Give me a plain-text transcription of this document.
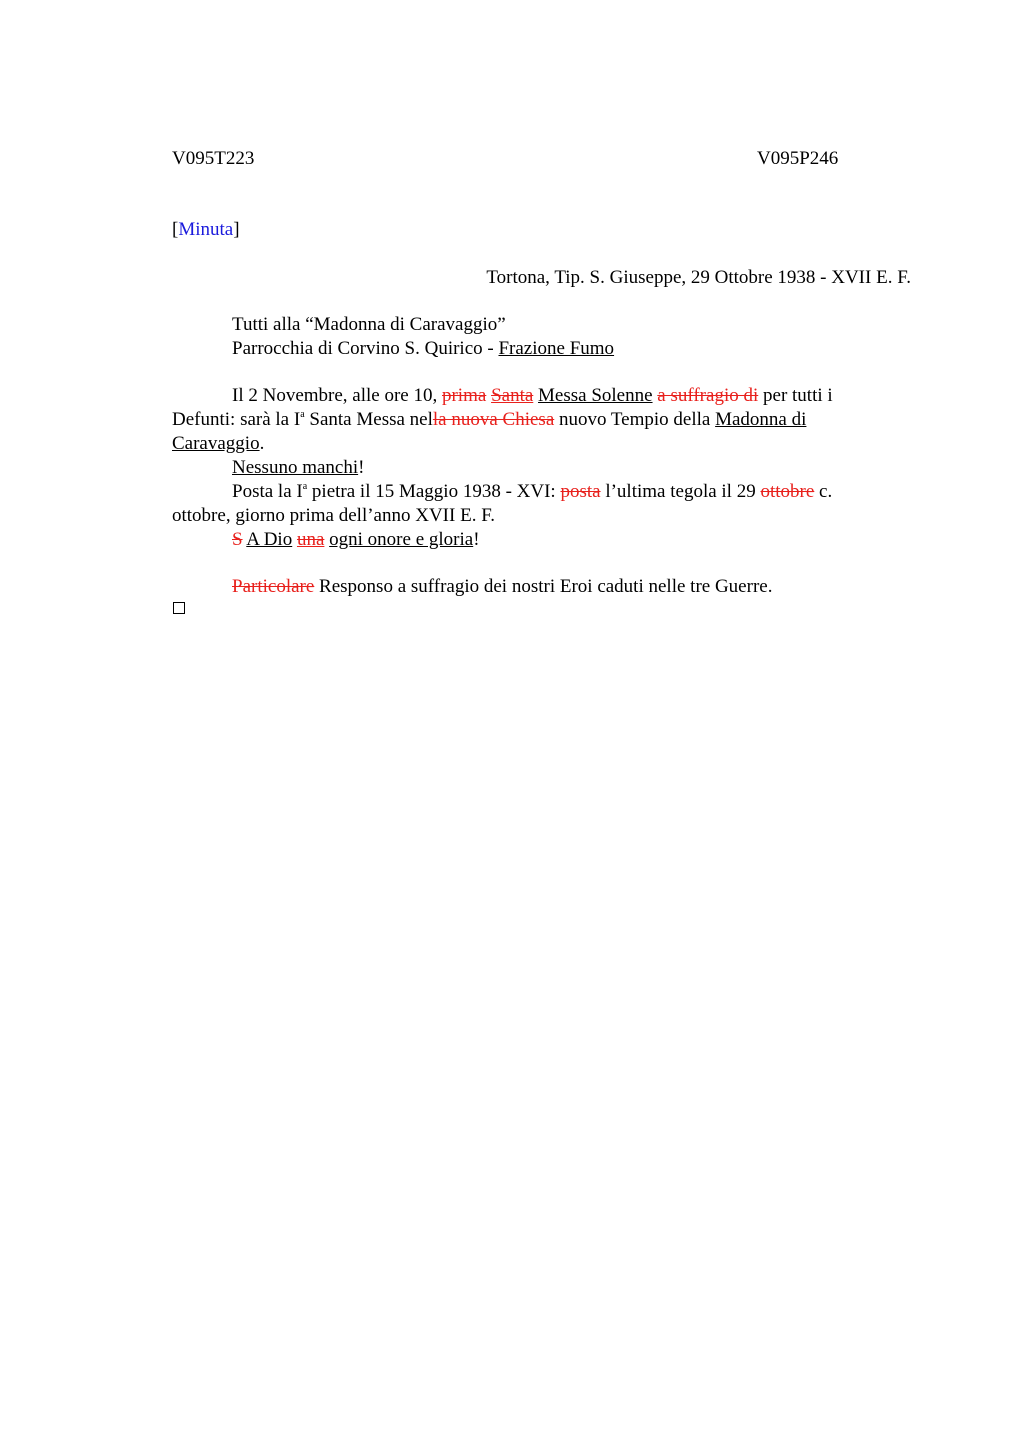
V095T223	V095P246
[Minuta]
Tortona, Tip. S. Giuseppe, 29 Ottobre 1938 - XVII E. F.
Tutti alla “Madonna di Caravaggio”
Parrocchia di Corvino S. Quirico - Frazione Fumo
Il 2 Novembre, alle ore 10, prima Santa Messa Solenne a suffragio di per tutti i
Defunti: sarà la $I^a$ Santa Messa nella nuova Chiesa nuovo Tempio della Madonna di
Caravaggio.
Nessuno manchi!
Posta la $I^a$ pietra il 15 Maggio 1938 - XVI: posta l’ultima tegola il 29 ottobre c.
ottobre, giorno prima dell’anno XVII E. F.
S A Dio una ogni onore e gloria!
Particolare Responso a suffragio dei nostri Eroi caduti nelle tre Guerre.
